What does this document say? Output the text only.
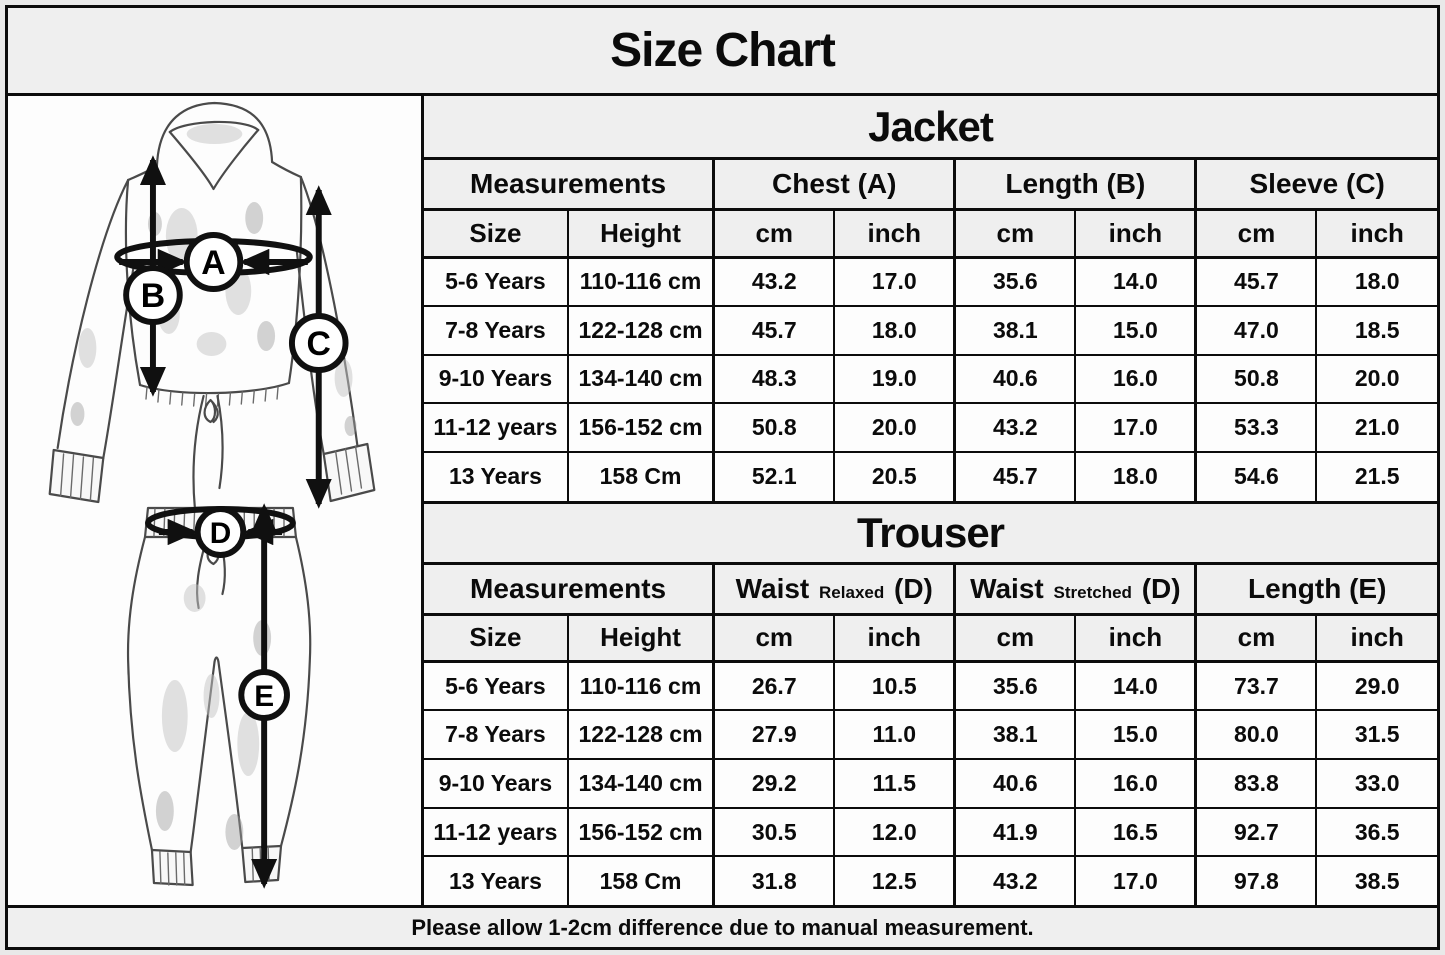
Size Chart
A
B
C
D
E
Jacket
Measurements		Chest (A)		Length (B)		Sleeve (C)	
Size	Height	cm	inch	cm	inch	cm	inch
5-6 Years	110-116 cm	43.2	17.0	35.6	14.0	45.7	18.0
7-8 Years	122-128 cm	45.7	18.0	38.1	15.0	47.0	18.5
9-10 Years	134-140 cm	48.3	19.0	40.6	16.0	50.8	20.0
11-12 years	156-152 cm	50.8	20.0	43.2	17.0	53.3	21.0
13 Years	158 Cm	52.1	20.5	45.7	18.0	54.6	21.5
Trouser
Measurements		Waist Relaxed (D)		Waist Stretched (D)		Length (E)	
Size	Height	cm	inch	cm	inch	cm	inch
5-6 Years	110-116 cm	26.7	10.5	35.6	14.0	73.7	29.0
7-8 Years	122-128 cm	27.9	11.0	38.1	15.0	80.0	31.5
9-10 Years	134-140 cm	29.2	11.5	40.6	16.0	83.8	33.0
11-12 years	156-152 cm	30.5	12.0	41.9	16.5	92.7	36.5
13 Years	158 Cm	31.8	12.5	43.2	17.0	97.8	38.5
Please allow 1-2cm difference due to manual measurement.
